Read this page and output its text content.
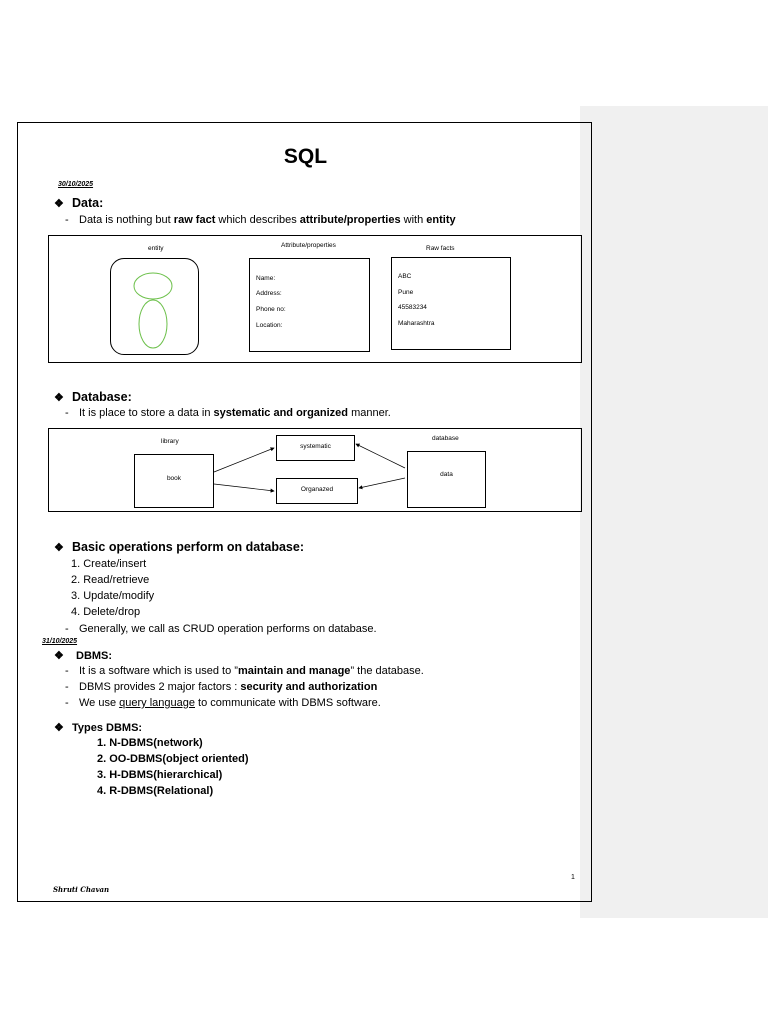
SQL
30/10/2025
❖ Data:
- Data is nothing but raw fact which describes attribute/properties with entity
entity	Attribute/properties	Raw facts
Name:
Address:
Phone no:
Location:
ABC
Pune
45583234
Maharashtra
❖ Database:
- It is place to store a data in systematic and organized manner.
library
book
systematic
Organazed
database
data
❖ Basic operations perform on database:
1. Create/insert
2. Read/retrieve
3. Update/modify
4. Delete/drop
- Generally, we call as CRUD operation performs on database.
31/10/2025
❖ DBMS:
- It is a software which is used to ”maintain and manage” the database.
- DBMS provides 2 major factors : security and authorization
- We use query language to communicate with DBMS software.
❖ Types DBMS:
1. N-DBMS(network)
2. OO-DBMS(object oriented)
3. H-DBMS(hierarchical)
4. R-DBMS(Relational)
1
Shruti Chavan
